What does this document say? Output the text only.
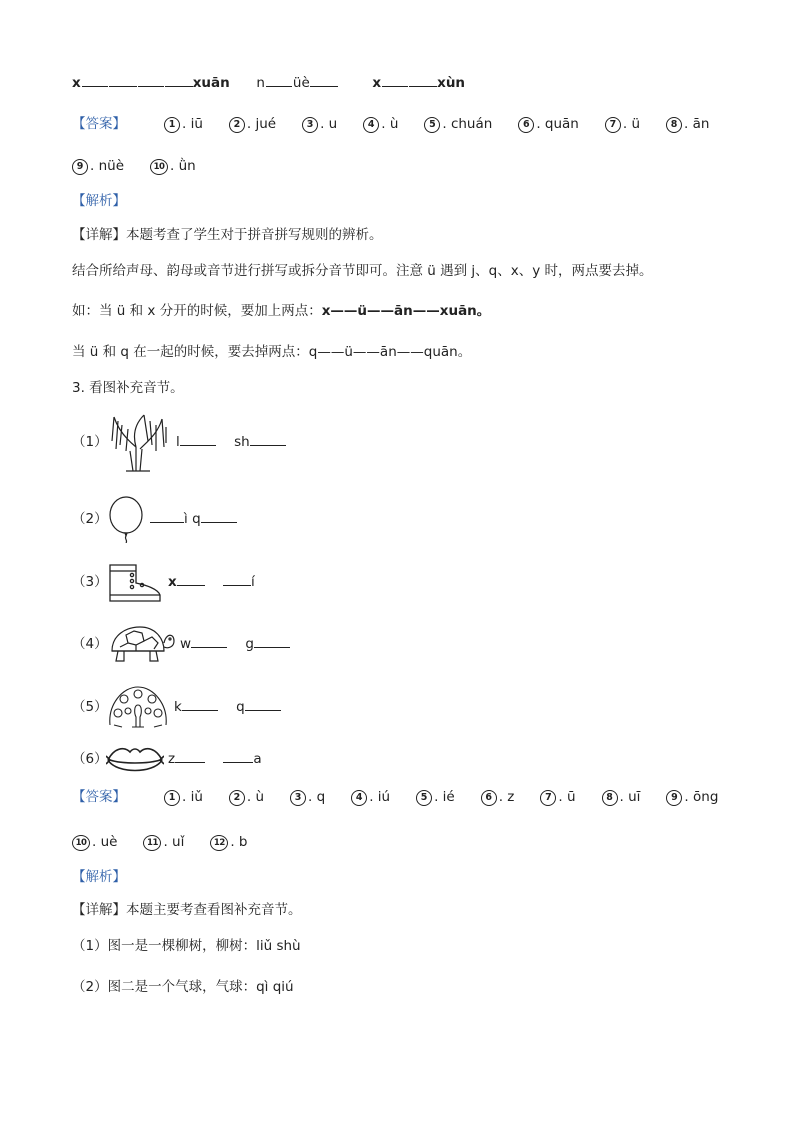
x	xuān n üè	x	xùn
【答案】	1 . iū	2 . jué	3 . u	4 . ù	5 . chuán	6 . quān	7 . ü	8 . ān
9 . nüè	10 . ǜn
【解析】
【详解】本题考查了学生对于拼音拼写规则的辨析。
结合所给声母、韵母或音节进行拼写或拆分音节即可。注意 ü 遇到 j、q、x、y 时，两点要去掉。
如：当 ü 和 x 分开的时候，要加上两点：x——ü——ān——xuān。
当 ü 和 q 在一起的时候，要去掉两点：q——ü——ān——quān。
3. 看图补充音节。
（1）	l	sh
（2）	ì q
（3）	x	í
（4）	w	g
（5）	k	q
（6）	z	a
【答案】	1 . iǔ	2 . ù	3 . q	4 . iú	5 . ié	6 . z	7 . ū	8 . uī	9 . ōng
10 . uè	11 . uǐ	12 . b
【解析】
【详解】本题主要考查看图补充音节。
（1）图一是一棵柳树，柳树：liǔ shù
（2）图二是一个气球，气球：qì qiú
